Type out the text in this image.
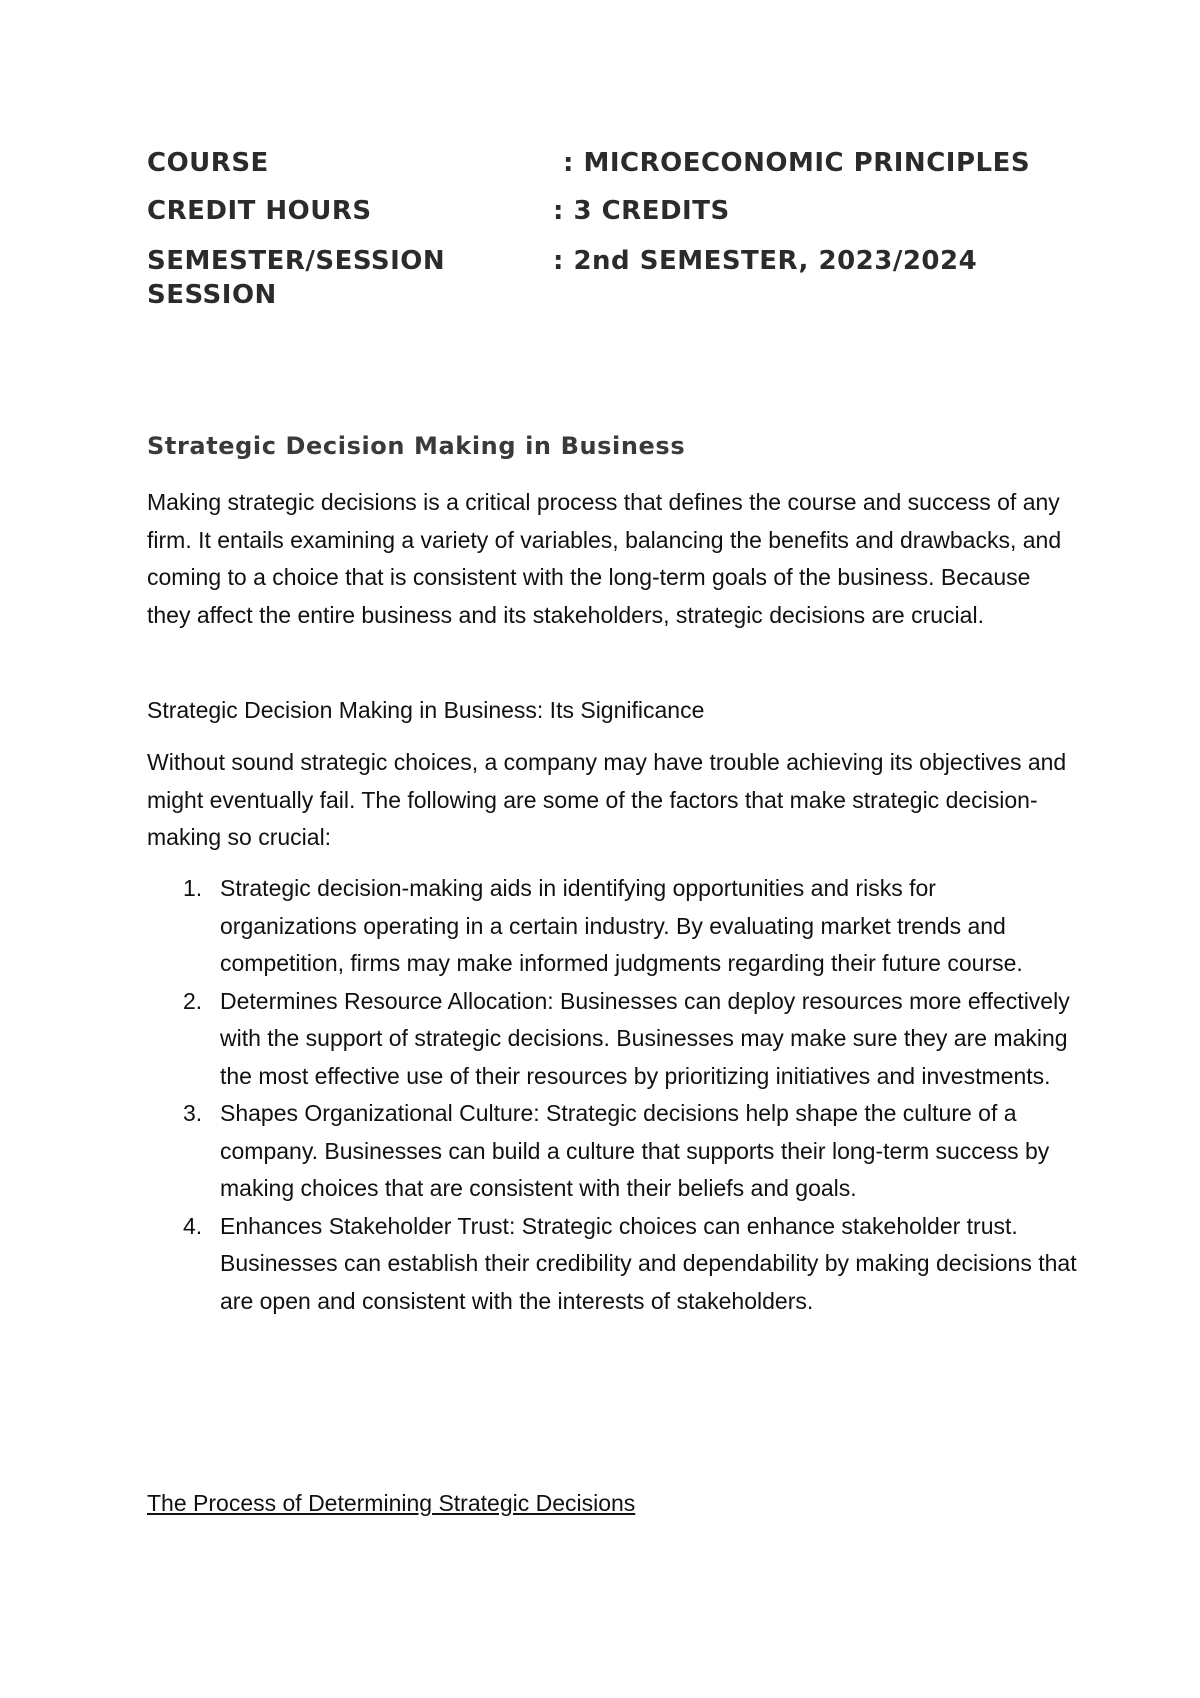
COURSE	: MICROECONOMIC PRINCIPLES
CREDIT HOURS	: 3 CREDITS
SEMESTER/SESSION
SESSION
: 2nd SEMESTER, 2023/2024
Strategic Decision Making in Business

Making strategic decisions is a critical process that defines the course and success of any firm. It entails examining a variety of variables, balancing the benefits and drawbacks, and coming to a choice that is consistent with the long-term goals of the business. Because they affect the entire business and its stakeholders, strategic decisions are crucial.

Strategic Decision Making in Business: Its Significance

Without sound strategic choices, a company may have trouble achieving its objectives and might eventually fail. The following are some of the factors that make strategic decision-making so crucial:

1. Strategic decision-making aids in identifying opportunities and risks for organizations operating in a certain industry. By evaluating market trends and competition, firms may make informed judgments regarding their future course.
2. Determines Resource Allocation: Businesses can deploy resources more effectively with the support of strategic decisions. Businesses may make sure they are making the most effective use of their resources by prioritizing initiatives and investments.
3. Shapes Organizational Culture: Strategic decisions help shape the culture of a company. Businesses can build a culture that supports their long-term success by making choices that are consistent with their beliefs and goals.
4. Enhances Stakeholder Trust: Strategic choices can enhance stakeholder trust. Businesses can establish their credibility and dependability by making decisions that are open and consistent with the interests of stakeholders.
The Process of Determining Strategic Decisions
